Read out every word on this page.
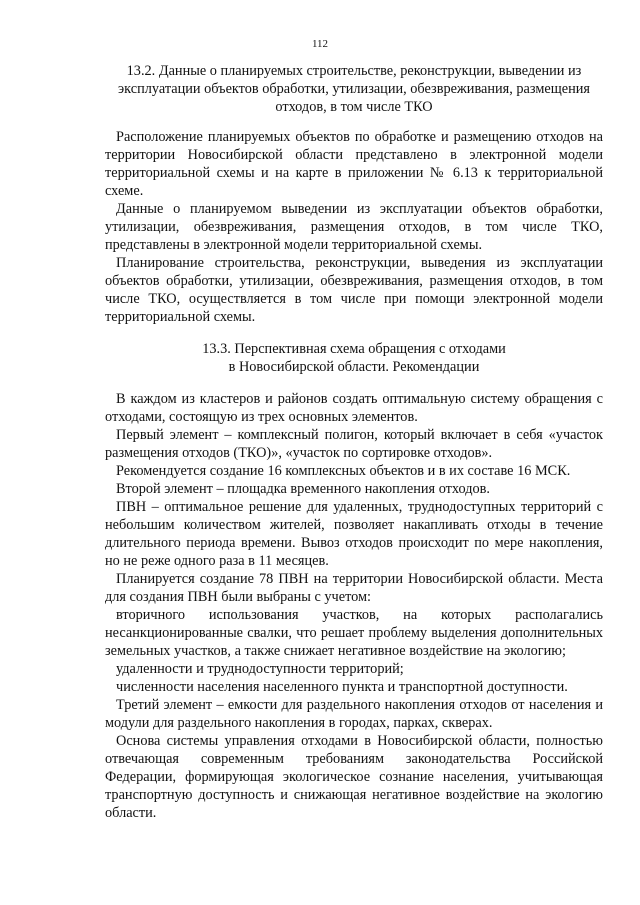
112

13.2. Данные о планируемых строительстве, реконструкции, выведении из эксплуатации объектов обработки, утилизации, обезвреживания, размещения отходов, в том числе ТКО

Расположение планируемых объектов по обработке и размещению отходов на территории Новосибирской области представлено в электронной модели территориальной схемы и на карте в приложении № 6.13 к территориальной схеме.

Данные о планируемом выведении из эксплуатации объектов обработки, утилизации, обезвреживания, размещения отходов, в том числе ТКО, представлены в электронной модели территориальной схемы.

Планирование строительства, реконструкции, выведения из эксплуатации объектов обработки, утилизации, обезвреживания, размещения отходов, в том числе ТКО, осуществляется в том числе при помощи электронной модели территориальной схемы.

13.3. Перспективная схема обращения с отходами
в Новосибирской области. Рекомендации

В каждом из кластеров и районов создать оптимальную систему обращения с отходами, состоящую из трех основных элементов.

Первый элемент – комплексный полигон, который включает в себя «участок размещения отходов (ТКО)», «участок по сортировке отходов».

Рекомендуется создание 16 комплексных объектов и в их составе 16 МСК.

Второй элемент – площадка временного накопления отходов.

ПВН – оптимальное решение для удаленных, труднодоступных территорий с небольшим количеством жителей, позволяет накапливать отходы в течение длительного периода времени. Вывоз отходов происходит по мере накопления, но не реже одного раза в 11 месяцев.

Планируется создание 78 ПВН на территории Новосибирской области. Места для создания ПВН были выбраны с учетом:

вторичного использования участков, на которых располагались несанкционированные свалки, что решает проблему выделения дополнительных земельных участков, а также снижает негативное воздействие на экологию;

удаленности и труднодоступности территорий;

численности населения населенного пункта и транспортной доступности.

Третий элемент – емкости для раздельного накопления отходов от населения и модули для раздельного накопления в городах, парках, скверах.

Основа системы управления отходами в Новосибирской области, полностью отвечающая современным требованиям законодательства Российской Федерации, формирующая экологическое сознание населения, учитывающая транспортную доступность и снижающая негативное воздействие на экологию области.
